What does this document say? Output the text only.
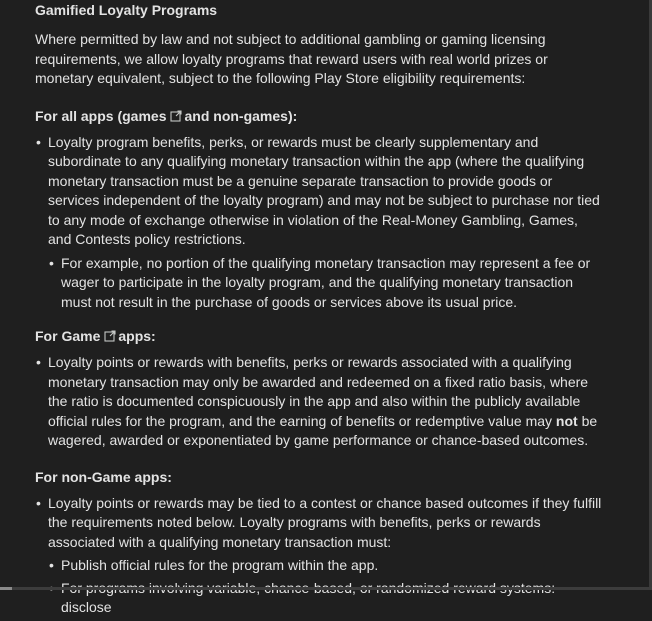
Gamified Loyalty Programs

Where permitted by law and not subject to additional gambling or gaming licensing requirements, we allow loyalty programs that reward users with real world prizes or monetary equivalent, subject to the following Play Store eligibility requirements:

For all apps (games and non-games):
• Loyalty program benefits, perks, or rewards must be clearly supplementary and subordinate to any qualifying monetary transaction within the app (where the qualifying monetary transaction must be a genuine separate transaction to provide goods or services independent of the loyalty program) and may not be subject to purchase nor tied to any mode of exchange otherwise in violation of the Real-Money Gambling, Games, and Contests policy restrictions.
• For example, no portion of the qualifying monetary transaction may represent a fee or wager to participate in the loyalty program, and the qualifying monetary transaction must not result in the purchase of goods or services above its usual price.
For Game apps:
• Loyalty points or rewards with benefits, perks or rewards associated with a qualifying monetary transaction may only be awarded and redeemed on a fixed ratio basis, where the ratio is documented conspicuously in the app and also within the publicly available official rules for the program, and the earning of benefits or redemptive value may not be wagered, awarded or exponentiated by game performance or chance-based outcomes.
For non-Game apps:
• Loyalty points or rewards may be tied to a contest or chance based outcomes if they fulfill the requirements noted below. Loyalty programs with benefits, perks or rewards associated with a qualifying monetary transaction must:
• Publish official rules for the program within the app.
• disclose
